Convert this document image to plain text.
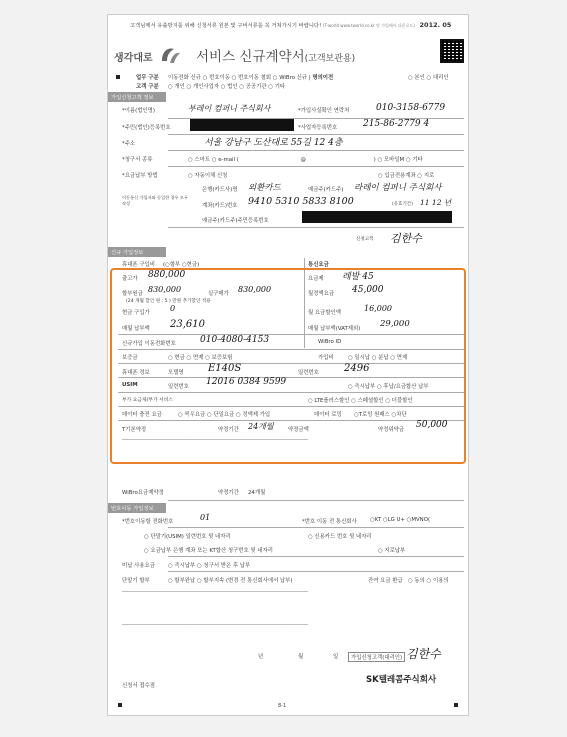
고객님께서 유출방지를 위해 신청서류 원본 및 구비서류를 꼭 거쳐가시기 바랍니다! (T-world www.tworld.co.kr 및 가입에서 다운로드) 2012. 05
생각대로	서비스 신규계약서(고객보관용)
업무 구분 이동전화 신규 ○ 번호이동 ○ 번호이동 철회 ○ WiBro 신규 | 명의이전	○ 본인 ○ 대리인
고객 구분 ○ 개인 ○ 개인사업자 ○ 법인 ○ 공공기관 ○ 기타
가입신청고객 정보
*이름(법인명)	부레이 컴퍼니 주식회사	*가입사실확인 연락처	010-3158-6779
*주민(법인)등록번호	*사업자등록번호	215-86-2779 4
*주소	서울 강남구 도산대로 55길 12 4층
*청구서 종류	○ 스마트 ○ e-mail (	@	) ○ 모바일M ○ 기타
*요금납부 방법	○ 자동이체 신청	○ 입금전용계좌 ○ 지로
은행(카드사)명 외환카드	예금주(카드주) 라레이 컴퍼니 주식회사
이동통신 가입자와 동일한 경우 모두 작성	계좌(카드)번호 9410 5310 5833 8100	(유효기간) 11 12 년
예금주(카드주)주민등록번호
신청고객 김한수
신규 가입정보
휴대폰 구입비 (○할부 ○현금)	통신요금
출고가 880,000	요금제 레발 45
할부원금 830,000	실구매가 830,000	월정액요금 45,000
(24 개월 할인 원 : 5 ) 만원 추가할인 적용
현금 구입가	0	월 요금할인액	16,000
매월 납부액 23,610	매월 납부액(VAT제외) 29,000
신규가입 이동전화번호	010-4080-4153	WiBro ID
보증금	○ 현금 ○ 면제 ○ 보증보험	가입비	○ 일시납 ○ 분납 ○ 면제
휴대폰 정보	모델명 E140S	일련번호	2496
USIM	일련번호 12016 0384 9599	○ 즉시납부 ○ 후납/요금합산 납부
부가 요금제/부가 서비스	○ LTE플러스할인 ○ 스페셜할인 ○ 더블할인
데이터 충전 요금	○ 콕우요금 ○ 단일요금 ○ 정액제 가입	데이터 로밍 ○T로밍 원패스 ○차단
T기본약정	약정기간 24개월	약정금액	약정위약금 50,000
────────────────────────────────────────────────────────────────────────
번호이동 가입정보
WiBro요금제약정	약정기간 24개월
*번호이동할 전화번호	01	*번호 이동 전 통신회사 ○KT ○LG U+ ○MVNO(
○ 단말기(USIM) 일련번호 뒷 네자리	○ 신용카드 번호 뒷 네자리
○ 요금납부 은행 계좌 또는 KT합산 청구번호 뒷 네자리	○ 지로납부
미납 사용요금 ○ 즉시납부 ○ 청구서 받은 후 납부
단말기 할부	○ 할부완납 ○ 할부지속 (변경 전 통신회사에서 납부)	잔여 요금 환급 ○ 동의 ○ 이용의
────────────────────────────────────────────────────────────────────────
────────────────────────────────────────────────────────────────────────
년	월	일	가입신청고객(대리인) 김한수
신청서 접수점
SK텔레콤주식회사
8-1
